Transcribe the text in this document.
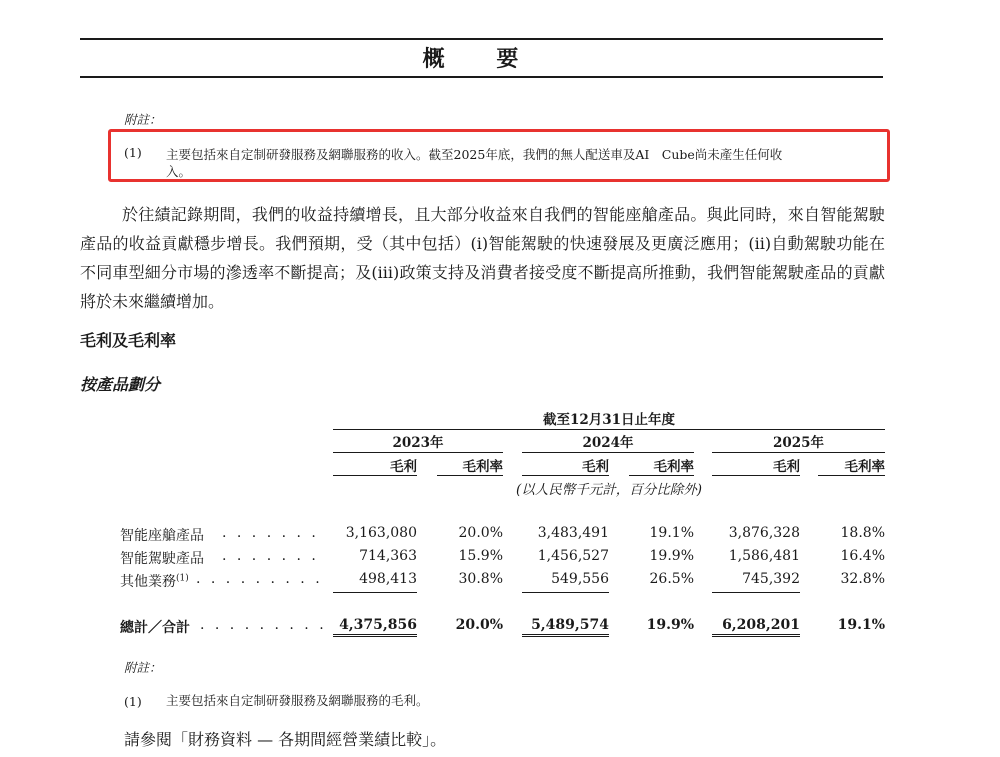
概 要
附註：
(1) 主要包括來自定制研發服務及網聯服務的收入。截至2025年底，我們的無人配送車及AI　Cube尚未產生任何收
入。
於往績記錄期間，我們的收益持續增長，且大部分收益來自我們的智能座艙產品。與此同時，來自智能駕駛產品的收益貢獻穩步增長。我們預期，受（其中包括）(i)智能駕駛的快速發展及更廣泛應用；(ii)自動駕駛功能在不同車型細分市場的滲透率不斷提高；及(iii)政策支持及消費者接受度不斷提高所推動，我們智能駕駛產品的貢獻將於未來繼續增加。
毛利及毛利率
按產品劃分
截至12月31日止年度
2023年	2024年	2025年
毛利	毛利率	毛利	毛利率	毛利	毛利率
(以人民幣千元計，百分比除外)
智能座艙產品 . . . . . . .	3,163,080	20.0%	3,483,491	19.1%	3,876,328	18.8%
智能駕駛產品 . . . . . . .	714,363	15.9%	1,456,527	19.9%	1,586,481	16.4%
其他業務$^{(1)}$ . . . . . . . . .	498,413	30.8%	549,556	26.5%	745,392	32.8%
總計／合計 . . . . . . . . . 4,375,856	20.0%	5,489,574	19.9%	6,208,201	19.1%
附註：
(1) 主要包括來自定制研發服務及網聯服務的毛利。
請參閱「財務資料 — 各期間經營業績比較」。
